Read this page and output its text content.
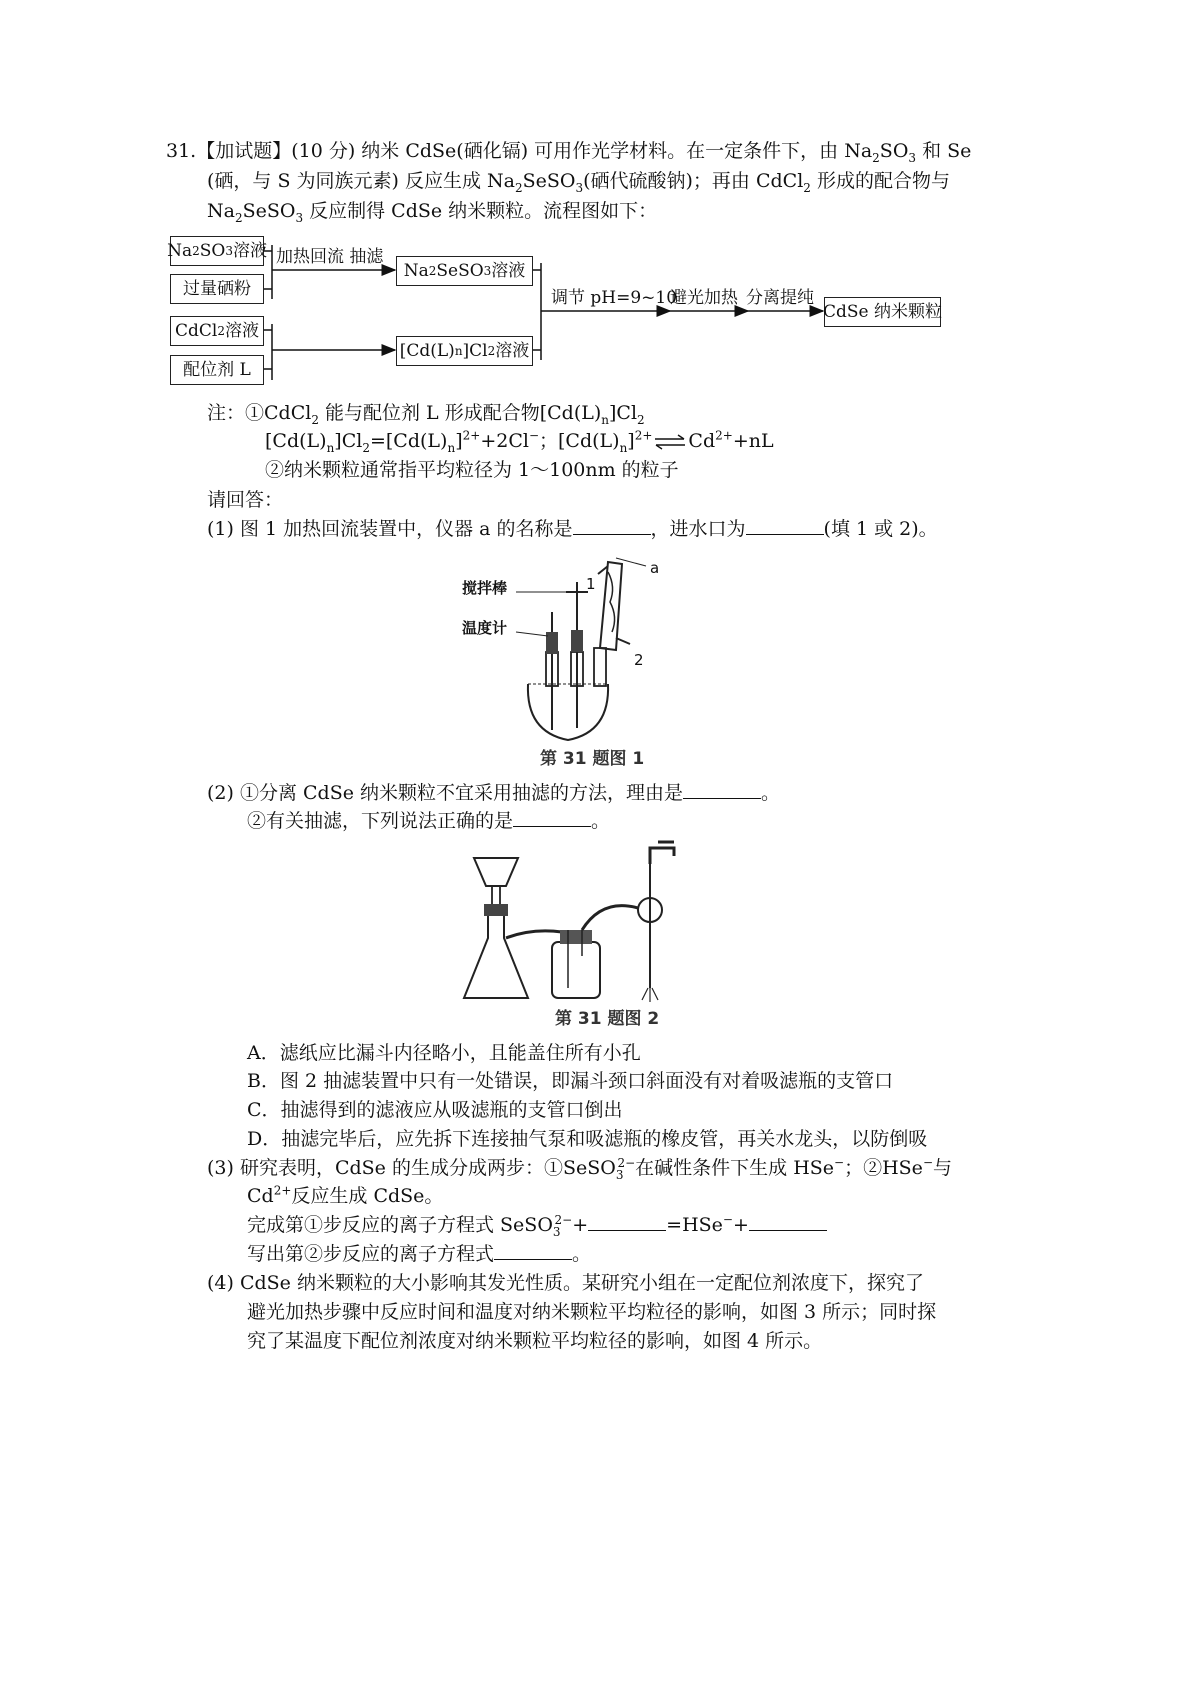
31.【加试题】(10 分) 纳米 CdSe(硒化镉) 可用作光学材料。在一定条件下，由 $Na_2SO_3$ 和 Se
(硒，与 S 为同族元素) 反应生成 $Na_2SeSO_3$(硒代硫酸钠)；再由 CdCl$_2$ 形成的配合物与
$Na_2SeSO_3$ 反应制得 CdSe 纳米颗粒。流程图如下：
Na 2 SO 3 溶液
过量硒粉
CdCl 2 溶液
配位剂 L
Na 2 SeSO 3 溶液
[Cd(L) n ]Cl 2 溶液
CdSe 纳米颗粒
加热回流 抽滤
调节 pH=9~10
避光加热 分离提纯
注：①CdCl$_2$ 能与配位剂 L 形成配合物$[Cd(L)_n]Cl_2$
$[Cd(L)_n]Cl_2=[Cd(L)_n]^{2+}+2Cl^-$；$[Cd(L)_n]^{2+}$ ⇌ $Cd^{2+}+nL$
②纳米颗粒通常指平均粒径为 1～100nm 的粒子
请回答：
(1) 图 1 加热回流装置中，仪器 a 的名称是	，进水口为	(填 1 或 2)。
搅拌棒
温度计
a
1
2
第 31 题图 1
(2) ①分离 CdSe 纳米颗粒不宜采用抽滤的方法，理由是	。
②有关抽滤，下列说法正确的是	。
第 31 题图 2
A．滤纸应比漏斗内径略小，且能盖住所有小孔
B．图 2 抽滤装置中只有一处错误，即漏斗颈口斜面没有对着吸滤瓶的支管口
C．抽滤得到的滤液应从吸滤瓶的支管口倒出
D．抽滤完毕后，应先拆下连接抽气泵和吸滤瓶的橡皮管，再关水龙头，以防倒吸
(3) 研究表明，CdSe 的生成分成两步：①SeSO$_3^{2-}$在碱性条件下生成 HSe−；②HSe−与
$Cd^{2+}$反应生成 CdSe。
完成第①步反应的离子方程式 SeSO$_3^{2-}$+	=HSe−+
写出第②步反应的离子方程式	。
(4) CdSe 纳米颗粒的大小影响其发光性质。某研究小组在一定配位剂浓度下，探究了
避光加热步骤中反应时间和温度对纳米颗粒平均粒径的影响，如图 3 所示；同时探
究了某温度下配位剂浓度对纳米颗粒平均粒径的影响，如图 4 所示。
